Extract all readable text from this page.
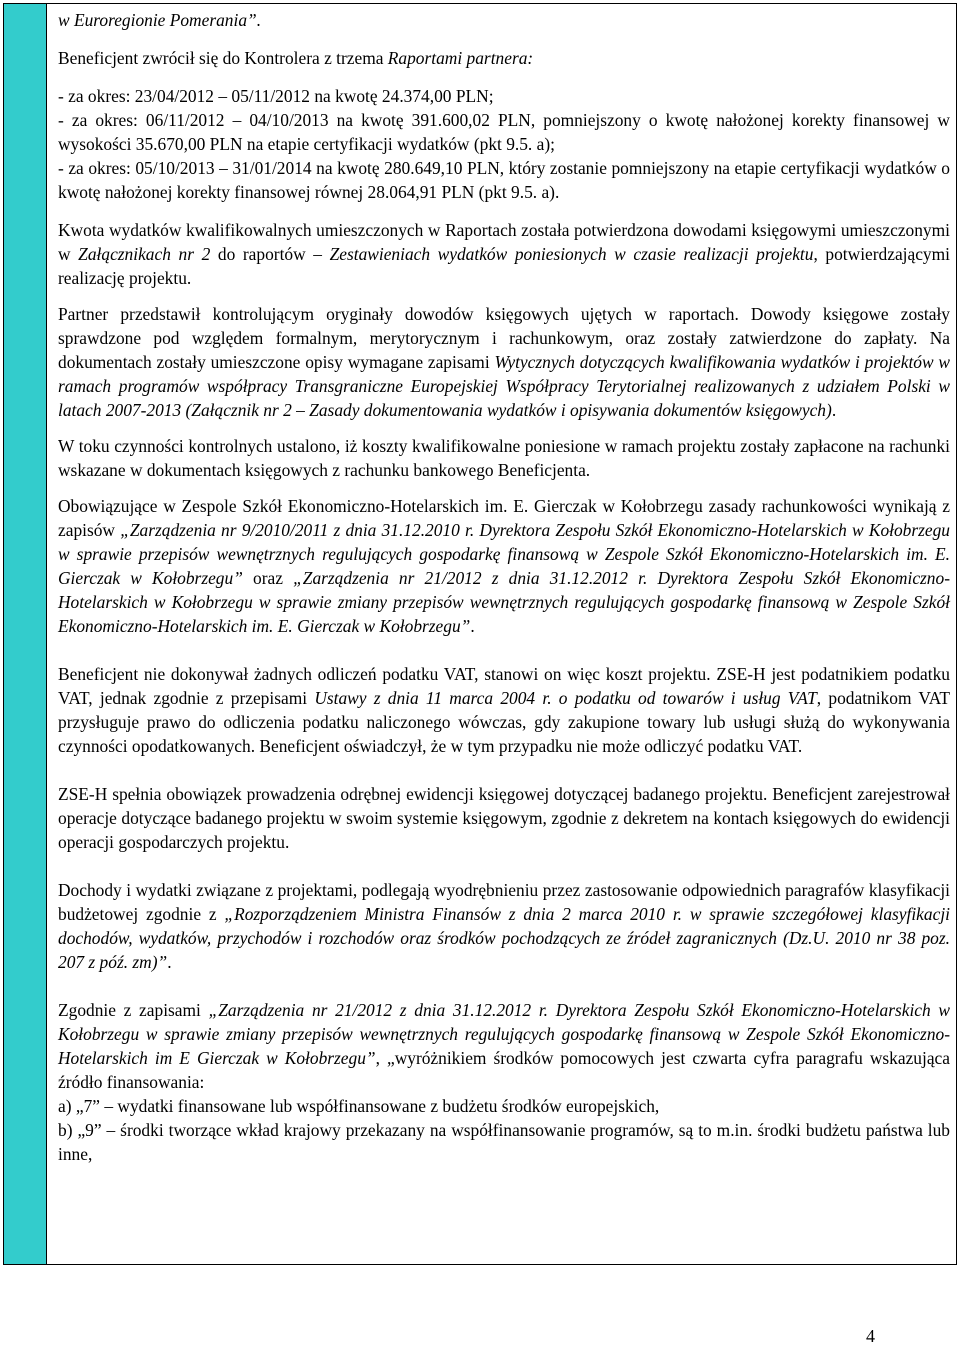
w Euroregionie Pomerania”.

Beneficjent zwrócił się do Kontrolera z trzema Raportami partnera:

- za okres: 23/04/2012 – 05/11/2012 na kwotę 24.374,00 PLN;
- za okres: 06/11/2012 – 04/10/2013 na kwotę 391.600,02 PLN, pomniejszony o kwotę nałożonej korekty finansowej w wysokości 35.670,00 PLN na etapie certyfikacji wydatków (pkt 9.5. a);
- za okres: 05/10/2013 – 31/01/2014 na kwotę 280.649,10 PLN, który zostanie pomniejszony na etapie certyfikacji wydatków o kwotę nałożonej korekty finansowej równej 28.064,91 PLN (pkt 9.5. a).

Kwota wydatków kwalifikowalnych umieszczonych w Raportach została potwierdzona dowodami księgowymi umieszczonymi w Załącznikach nr 2 do raportów – Zestawieniach wydatków poniesionych w czasie realizacji projektu, potwierdzającymi realizację projektu.

Partner przedstawił kontrolującym oryginały dowodów księgowych ujętych w raportach. Dowody księgowe zostały sprawdzone pod względem formalnym, merytorycznym i rachunkowym, oraz zostały zatwierdzone do zapłaty. Na dokumentach zostały umieszczone opisy wymagane zapisami Wytycznych dotyczących kwalifikowania wydatków i projektów w ramach programów współpracy Transgraniczne Europejskiej Współpracy Terytorialnej realizowanych z udziałem Polski w latach 2007-2013 (Załącznik nr 2 – Zasady dokumentowania wydatków i opisywania dokumentów księgowych).

W toku czynności kontrolnych ustalono, iż koszty kwalifikowalne poniesione w ramach projektu zostały zapłacone na rachunki wskazane w dokumentach księgowych z rachunku bankowego Beneficjenta.

Obowiązujące w Zespole Szkół Ekonomiczno-Hotelarskich im. E. Gierczak w Kołobrzegu zasady rachunkowości wynikają z zapisów „Zarządzenia nr 9/2010/2011 z dnia 31.12.2010 r. Dyrektora Zespołu Szkół Ekonomiczno-Hotelarskich w Kołobrzegu w sprawie przepisów wewnętrznych regulujących gospodarkę finansową w Zespole Szkół Ekonomiczno-Hotelarskich im. E. Gierczak w Kołobrzegu” oraz „Zarządzenia nr 21/2012 z dnia 31.12.2012 r. Dyrektora Zespołu Szkół Ekonomiczno-Hotelarskich w Kołobrzegu w sprawie zmiany przepisów wewnętrznych regulujących gospodarkę finansową w Zespole Szkół Ekonomiczno-Hotelarskich im. E. Gierczak w Kołobrzegu”.

Beneficjent nie dokonywał żadnych odliczeń podatku VAT, stanowi on więc koszt projektu. ZSE-H jest podatnikiem podatku VAT, jednak zgodnie z przepisami Ustawy z dnia 11 marca 2004 r. o podatku od towarów i usług VAT, podatnikom VAT przysługuje prawo do odliczenia podatku naliczonego wówczas, gdy zakupione towary lub usługi służą do wykonywania czynności opodatkowanych. Beneficjent oświadczył, że w tym przypadku nie może odliczyć podatku VAT.

ZSE-H spełnia obowiązek prowadzenia odrębnej ewidencji księgowej dotyczącej badanego projektu. Beneficjent zarejestrował operacje dotyczące badanego projektu w swoim systemie księgowym, zgodnie z dekretem na kontach księgowych do ewidencji operacji gospodarczych projektu.

Dochody i wydatki związane z projektami, podlegają wyodrębnieniu przez zastosowanie odpowiednich paragrafów klasyfikacji budżetowej zgodnie z „Rozporządzeniem Ministra Finansów z dnia 2 marca 2010 r. w sprawie szczegółowej klasyfikacji dochodów, wydatków, przychodów i rozchodów oraz środków pochodzących ze źródeł zagranicznych (Dz.U. 2010 nr 38 poz. 207 z póź. zm)”.

Zgodnie z zapisami „Zarządzenia nr 21/2012 z dnia 31.12.2012 r. Dyrektora Zespołu Szkół Ekonomiczno-Hotelarskich w Kołobrzegu w sprawie zmiany przepisów wewnętrznych regulujących gospodarkę finansową w Zespole Szkół Ekonomiczno-Hotelarskich im E Gierczak w Kołobrzegu”, „wyróżnikiem środków pomocowych jest czwarta cyfra paragrafu wskazująca źródło finansowania:
a) „7” – wydatki finansowane lub współfinansowane z budżetu środków europejskich,
b) „9” – środki tworzące wkład krajowy przekazany na współfinansowanie programów, są to m.in. środki budżetu państwa lub inne,

4
